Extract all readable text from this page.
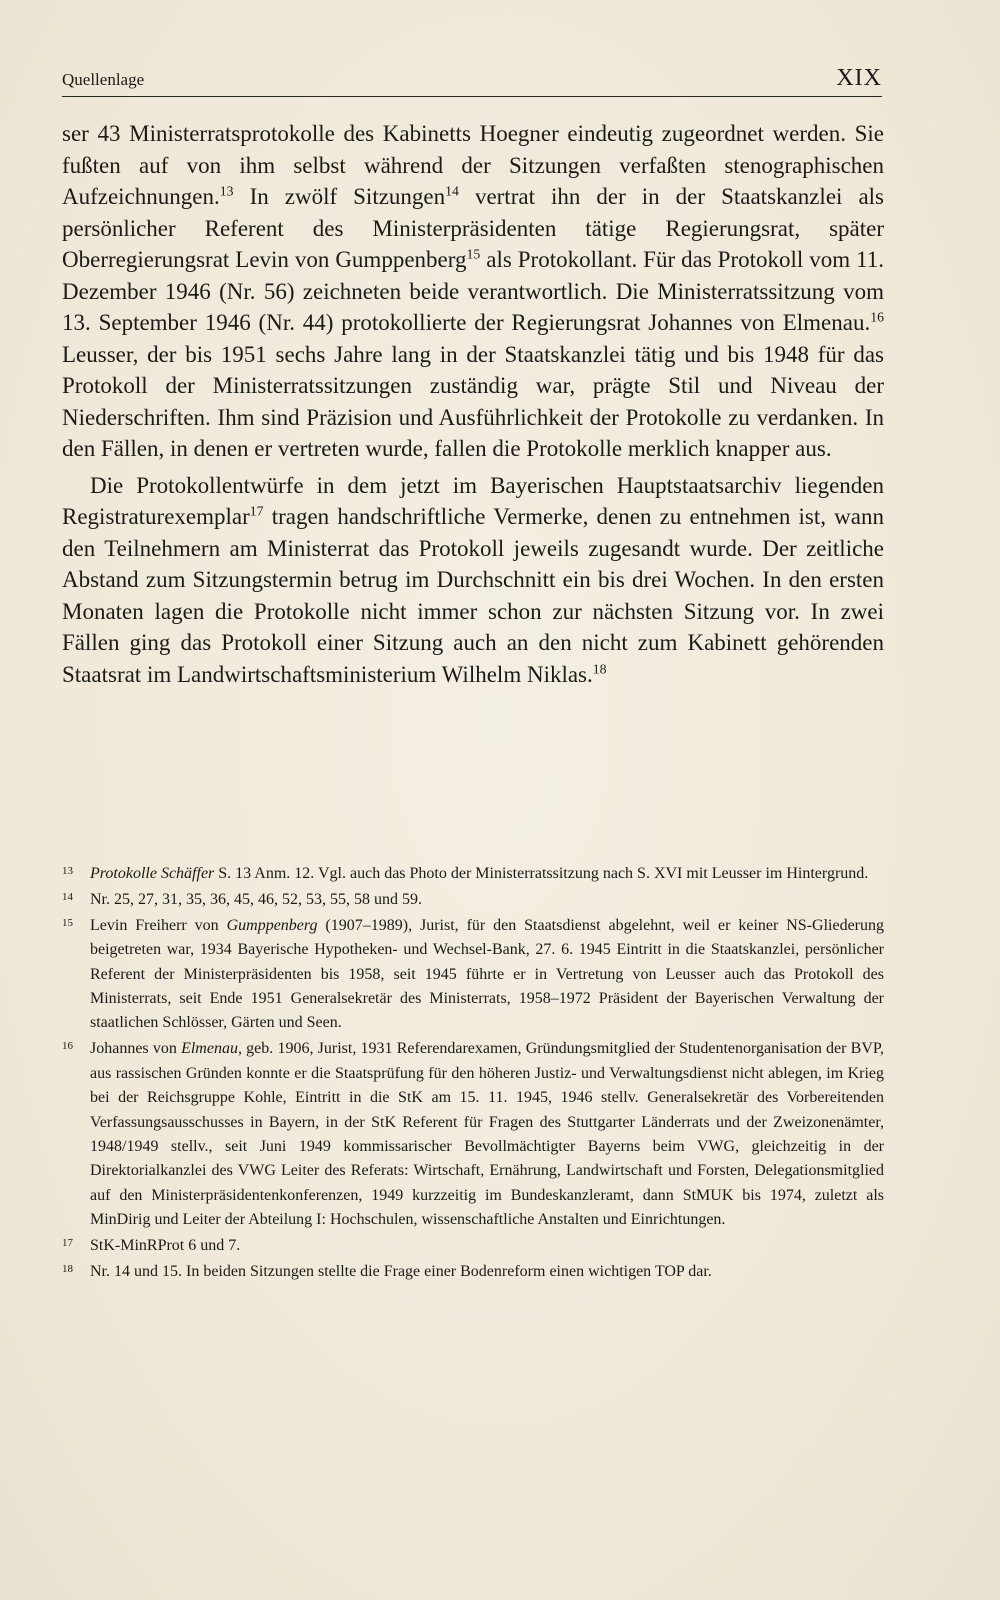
Quellenlage	XIX

ser 43 Ministerratsprotokolle des Kabinetts Hoegner eindeutig zugeordnet werden. Sie fußten auf von ihm selbst während der Sitzungen verfaßten stenographischen Aufzeichnungen.$^{13}$ In zwölf Sitzungen$^{14}$ vertrat ihn der in der Staatskanzlei als persönlicher Referent des Ministerpräsidenten tätige Regierungsrat, später Oberregierungsrat Levin von Gumppenberg$^{15}$ als Protokollant. Für das Protokoll vom 11. Dezember 1946 (Nr. 56) zeichneten beide verantwortlich. Die Ministerratssitzung vom 13. September 1946 (Nr. 44) protokollierte der Regierungsrat Johannes von Elmenau.$^{16}$ Leusser, der bis 1951 sechs Jahre lang in der Staatskanzlei tätig und bis 1948 für das Protokoll der Ministerratssitzungen zuständig war, prägte Stil und Niveau der Niederschriften. Ihm sind Präzision und Ausführlichkeit der Protokolle zu verdanken. In den Fällen, in denen er vertreten wurde, fallen die Protokolle merklich knapper aus.

Die Protokollentwürfe in dem jetzt im Bayerischen Hauptstaatsarchiv liegenden Registraturexemplar$^{17}$ tragen handschriftliche Vermerke, denen zu entnehmen ist, wann den Teilnehmern am Ministerrat das Protokoll jeweils zugesandt wurde. Der zeitliche Abstand zum Sitzungstermin betrug im Durchschnitt ein bis drei Wochen. In den ersten Monaten lagen die Protokolle nicht immer schon zur nächsten Sitzung vor. In zwei Fällen ging das Protokoll einer Sitzung auch an den nicht zum Kabinett gehörenden Staatsrat im Landwirtschaftsministerium Wilhelm Niklas.$^{18}$

13	Protokolle Schäffer S. 13 Anm. 12. Vgl. auch das Photo der Ministerratssitzung nach S. XVI mit Leusser im Hintergrund.
14	Nr. 25, 27, 31, 35, 36, 45, 46, 52, 53, 55, 58 und 59.
15	Levin Freiherr von Gumppenberg (1907–1989), Jurist, für den Staatsdienst abgelehnt, weil er keiner NS-Gliederung beigetreten war, 1934 Bayerische Hypotheken- und Wechsel-Bank, 27. 6. 1945 Eintritt in die Staatskanzlei, persönlicher Referent der Ministerpräsidenten bis 1958, seit 1945 führte er in Vertretung von Leusser auch das Protokoll des Ministerrats, seit Ende 1951 Generalsekretär des Ministerrats, 1958–1972 Präsident der Bayerischen Verwaltung der staatlichen Schlösser, Gärten und Seen.
16	Johannes von Elmenau, geb. 1906, Jurist, 1931 Referendarexamen, Gründungsmitglied der Studentenorganisation der BVP, aus rassischen Gründen konnte er die Staatsprüfung für den höheren Justiz- und Verwaltungsdienst nicht ablegen, im Krieg bei der Reichsgruppe Kohle, Eintritt in die StK am 15. 11. 1945, 1946 stellv. Generalsekretär des Vorbereitenden Verfassungsausschusses in Bayern, in der StK Referent für Fragen des Stuttgarter Länderrats und der Zweizonenämter, 1948/1949 stellv., seit Juni 1949 kommissarischer Bevollmächtigter Bayerns beim VWG, gleichzeitig in der Direktorialkanzlei des VWG Leiter des Referats: Wirtschaft, Ernährung, Landwirtschaft und Forsten, Delegationsmitglied auf den Ministerpräsidentenkonferenzen, 1949 kurzzeitig im Bundeskanzleramt, dann StMUK bis 1974, zuletzt als MinDirig und Leiter der Abteilung I: Hochschulen, wissenschaftliche Anstalten und Einrichtungen.
17	StK-MinRProt 6 und 7.
18	Nr. 14 und 15. In beiden Sitzungen stellte die Frage einer Bodenreform einen wichtigen TOP dar.
